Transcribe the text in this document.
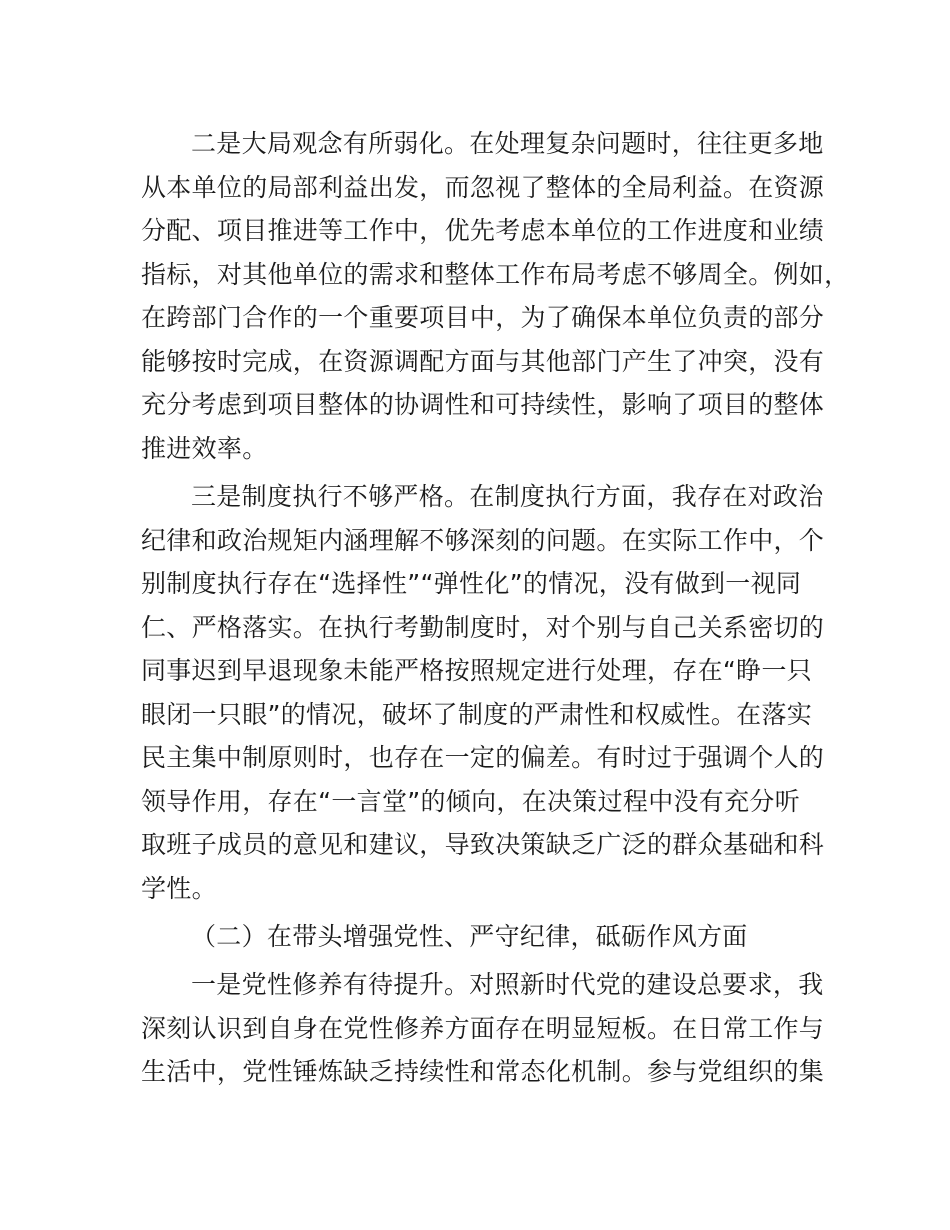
二是大局观念有所弱化。在处理复杂问题时，往往更多地
从本单位的局部利益出发，而忽视了整体的全局利益。在资源
分配、项目推进等工作中，优先考虑本单位的工作进度和业绩
指标，对其他单位的需求和整体工作布局考虑不够周全。例如，
在跨部门合作的一个重要项目中，为了确保本单位负责的部分
能够按时完成，在资源调配方面与其他部门产生了冲突，没有
充分考虑到项目整体的协调性和可持续性，影响了项目的整体
推进效率。
三是制度执行不够严格。在制度执行方面，我存在对政治
纪律和政治规矩内涵理解不够深刻的问题。在实际工作中，个
别制度执行存在“选择性”“弹性化”的情况，没有做到一视同
仁、严格落实。在执行考勤制度时，对个别与自己关系密切的
同事迟到早退现象未能严格按照规定进行处理，存在“睁一只
眼闭一只眼”的情况，破坏了制度的严肃性和权威性。在落实
民主集中制原则时，也存在一定的偏差。有时过于强调个人的
领导作用，存在“一言堂”的倾向，在决策过程中没有充分听
取班子成员的意见和建议，导致决策缺乏广泛的群众基础和科
学性。
（二）在带头增强党性、严守纪律，砥砺作风方面
一是党性修养有待提升。对照新时代党的建设总要求，我
深刻认识到自身在党性修养方面存在明显短板。在日常工作与
生活中，党性锤炼缺乏持续性和常态化机制。参与党组织的集
